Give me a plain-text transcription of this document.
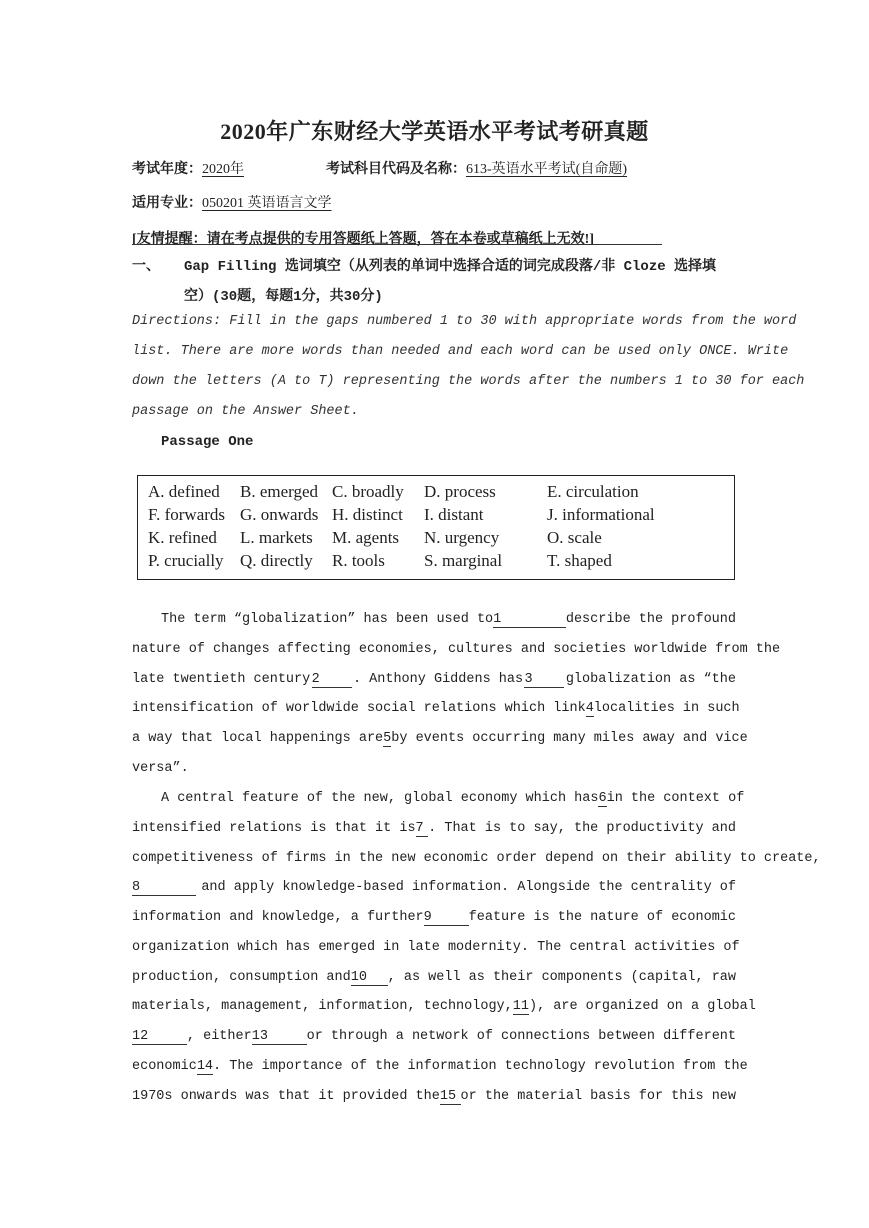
2020年广东财经大学英语水平考试考研真题
考试年度：2020年	考试科目代码及名称：613-英语水平考试(自命题)
适用专业：050201 英语语言文学
[友情提醒：请在考点提供的专用答题纸上答题，答在本卷或草稿纸上无效!]
一、 Gap Filling 选词填空（从列表的单词中选择合适的词完成段落/非 Cloze 选择填
空）(30题，每题1分，共30分)
Directions: Fill in the gaps numbered 1 to 30 with appropriate words from the word
list. There are more words than needed and each word can be used only ONCE. Write
down the letters (A to T) representing the words after the numbers 1 to 30 for each
passage on the Answer Sheet.
Passage One
A. defined B. emerged C. broadly D. process	E. circulation
F. forwards G. onwards H. distinct I. distant	J. informational
K. refined L. markets M. agents N. urgency	O. scale
P. crucially Q. directly R. tools S. marginal	T. shaped
The term “globalization” has been used to 1	describe the profound
nature of changes affecting economies, cultures and societies worldwide from the
late twentieth century 2	. Anthony Giddens has 3	globalization as “the
intensification of worldwide social relations which link 4 localities in such
a way that local happenings are 5 by events occurring many miles away and vice
versa”.
A central feature of the new, global economy which has 6 in the context of
intensified relations is that it is 7 . That is to say, the productivity and
competitiveness of firms in the new economic order depend on their ability to create,
8	and apply knowledge-based information. Alongside the centrality of
information and knowledge, a further 9	feature is the nature of economic
organization which has emerged in late modernity. The central activities of
production, consumption and 10	, as well as their components (capital, raw
materials, management, information, technology, 11 ), are organized on a global
12	, either 13	or through a network of connections between different
economic 14 . The importance of the information technology revolution from the
1970s onwards was that it provided the 15 or the material basis for this new
